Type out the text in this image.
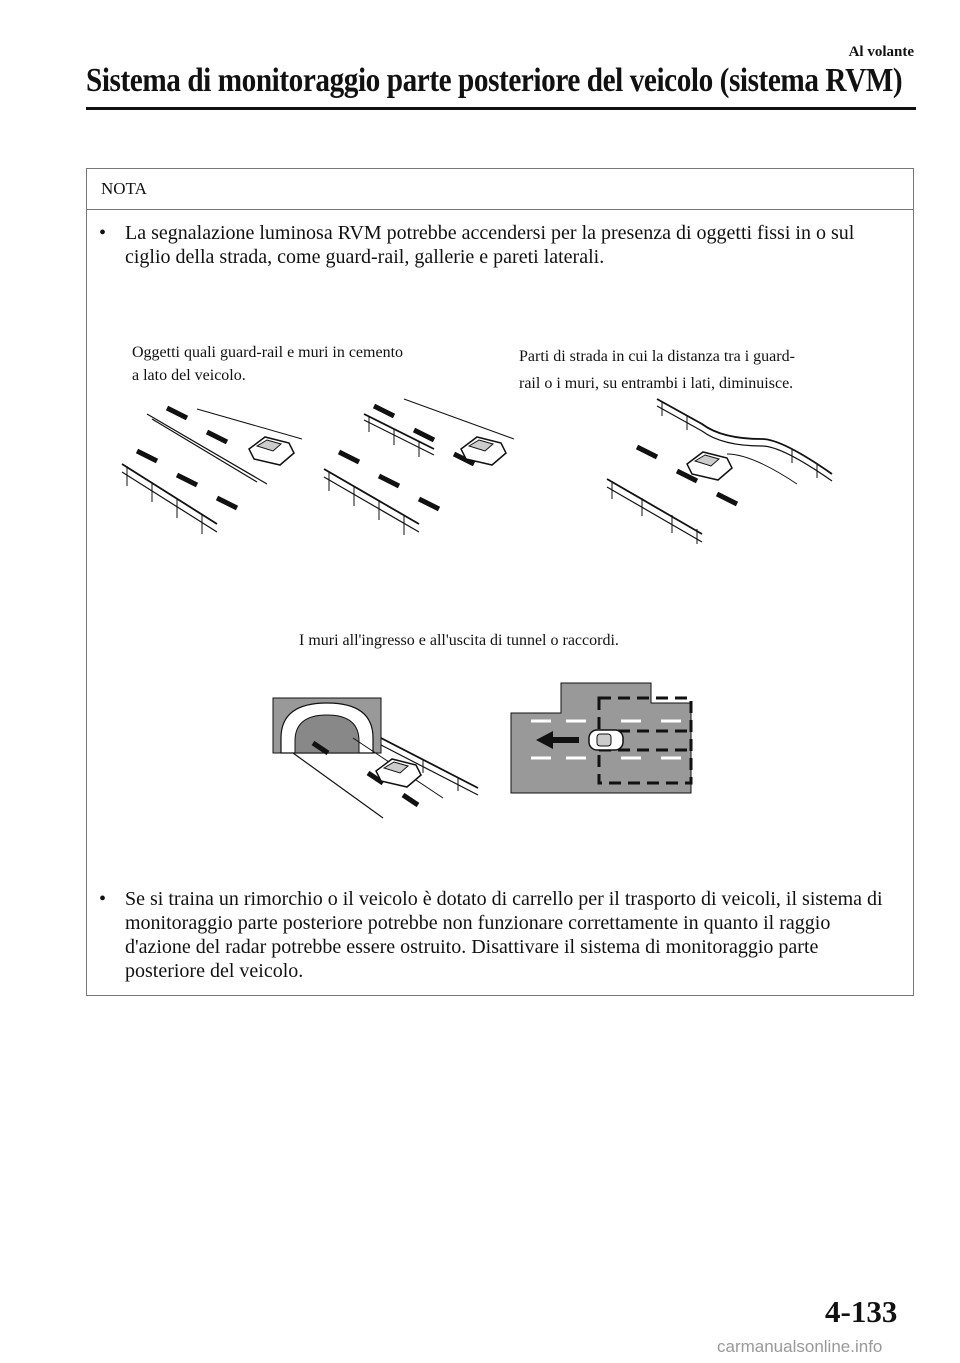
Al volante
Sistema di monitoraggio parte posteriore del veicolo (sistema RVM)
NOTA
• La segnalazione luminosa RVM potrebbe accendersi per la presenza di oggetti fissi in o sul ciglio della strada, come guard-rail, gallerie e pareti laterali.
Oggetti quali guard-rail e muri in cemento
a lato del veicolo.
Parti di strada in cui la distanza tra i guard-
rail o i muri, su entrambi i lati, diminuisce.
I muri all'ingresso e all'uscita di tunnel o raccordi.
• Se si traina un rimorchio o il veicolo è dotato di carrello per il trasporto di veicoli, il sistema di monitoraggio parte posteriore potrebbe non funzionare correttamente in quanto il raggio d'azione del radar potrebbe essere ostruito. Disattivare il sistema di monitoraggio parte posteriore del veicolo.
4-133
carmanualsonline.info
